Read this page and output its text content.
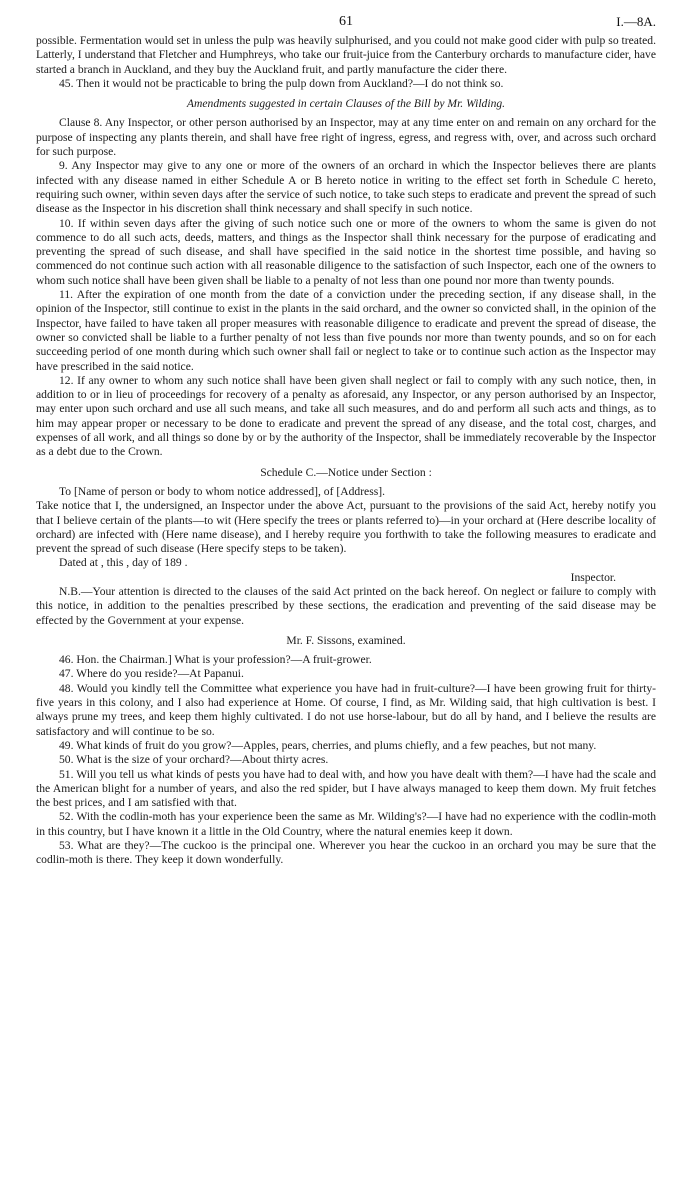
61	I.—8A.

possible. Fermentation would set in unless the pulp was heavily sulphurised, and you could not make good cider with pulp so treated. Latterly, I understand that Fletcher and Humphreys, who take our fruit-juice from the Canterbury orchards to manufacture cider, have started a branch in Auckland, and they buy the Auckland fruit, and partly manufacture the cider there.

45. Then it would not be practicable to bring the pulp down from Auckland?—I do not think so.

Amendments suggested in certain Clauses of the Bill by Mr. Wilding.

Clause 8. Any Inspector, or other person authorised by an Inspector, may at any time enter on and remain on any orchard for the purpose of inspecting any plants therein, and shall have free right of ingress, egress, and regress with, over, and across such orchard for such purpose.

9. Any Inspector may give to any one or more of the owners of an orchard in which the Inspector believes there are plants infected with any disease named in either Schedule A or B hereto notice in writing to the effect set forth in Schedule C hereto, requiring such owner, within seven days after the service of such notice, to take such steps to eradicate and prevent the spread of such disease as the Inspector in his discretion shall think necessary and shall specify in such notice.

10. If within seven days after the giving of such notice such one or more of the owners to whom the same is given do not commence to do all such acts, deeds, matters, and things as the Inspector shall think necessary for the purpose of eradicating and preventing the spread of such disease, and shall have specified in the said notice in the shortest time possible, and having so commenced do not continue such action with all reasonable diligence to the satisfaction of such Inspector, each one of the owners to whom such notice shall have been given shall be liable to a penalty of not less than one pound nor more than twenty pounds.

11. After the expiration of one month from the date of a conviction under the preceding section, if any disease shall, in the opinion of the Inspector, still continue to exist in the plants in the said orchard, and the owner so convicted shall, in the opinion of the Inspector, have failed to have taken all proper measures with reasonable diligence to eradicate and prevent the spread of disease, the owner so convicted shall be liable to a further penalty of not less than five pounds nor more than twenty pounds, and so on for each succeeding period of one month during which such owner shall fail or neglect to take or to continue such action as the Inspector may have prescribed in the said notice.

12. If any owner to whom any such notice shall have been given shall neglect or fail to comply with any such notice, then, in addition to or in lieu of proceedings for recovery of a penalty as aforesaid, any Inspector, or any person authorised by an Inspector, may enter upon such orchard and use all such means, and take all such measures, and do and perform all such acts and things, as to him may appear proper or necessary to be done to eradicate and prevent the spread of any disease, and the total cost, charges, and expenses of all work, and all things so done by or by the authority of the Inspector, shall be immediately recoverable by the Inspector as a debt due to the Crown.

Schedule C.—Notice under Section :

To [Name of person or body to whom notice addressed], of [Address].

Take notice that I, the undersigned, an Inspector under the above Act, pursuant to the provisions of the said Act, hereby notify you that I believe certain of the plants—to wit (Here specify the trees or plants referred to)—in your orchard at (Here describe locality of orchard) are infected with (Here name disease), and I hereby require you forthwith to take the following measures to eradicate and prevent the spread of such disease (Here specify steps to be taken).

Dated at , this , day of 189 .

Inspector.

N.B.—Your attention is directed to the clauses of the said Act printed on the back hereof. On neglect or failure to comply with this notice, in addition to the penalties prescribed by these sections, the eradication and preventing of the said disease may be effected by the Government at your expense.

Mr. F. Sissons, examined.

46. Hon. the Chairman.] What is your profession?—A fruit-grower.

47. Where do you reside?—At Papanui.

48. Would you kindly tell the Committee what experience you have had in fruit-culture?—I have been growing fruit for thirty-five years in this colony, and I also had experience at Home. Of course, I find, as Mr. Wilding said, that high cultivation is best. I always prune my trees, and keep them highly cultivated. I do not use horse-labour, but do all by hand, and I believe the results are satisfactory and will continue to be so.

49. What kinds of fruit do you grow?—Apples, pears, cherries, and plums chiefly, and a few peaches, but not many.

50. What is the size of your orchard?—About thirty acres.

51. Will you tell us what kinds of pests you have had to deal with, and how you have dealt with them?—I have had the scale and the American blight for a number of years, and also the red spider, but I have always managed to keep them down. My fruit fetches the best prices, and I am satisfied with that.

52. With the codlin-moth has your experience been the same as Mr. Wilding's?—I have had no experience with the codlin-moth in this country, but I have known it a little in the Old Country, where the natural enemies keep it down.

53. What are they?—The cuckoo is the principal one. Wherever you hear the cuckoo in an orchard you may be sure that the codlin-moth is there. They keep it down wonderfully.
